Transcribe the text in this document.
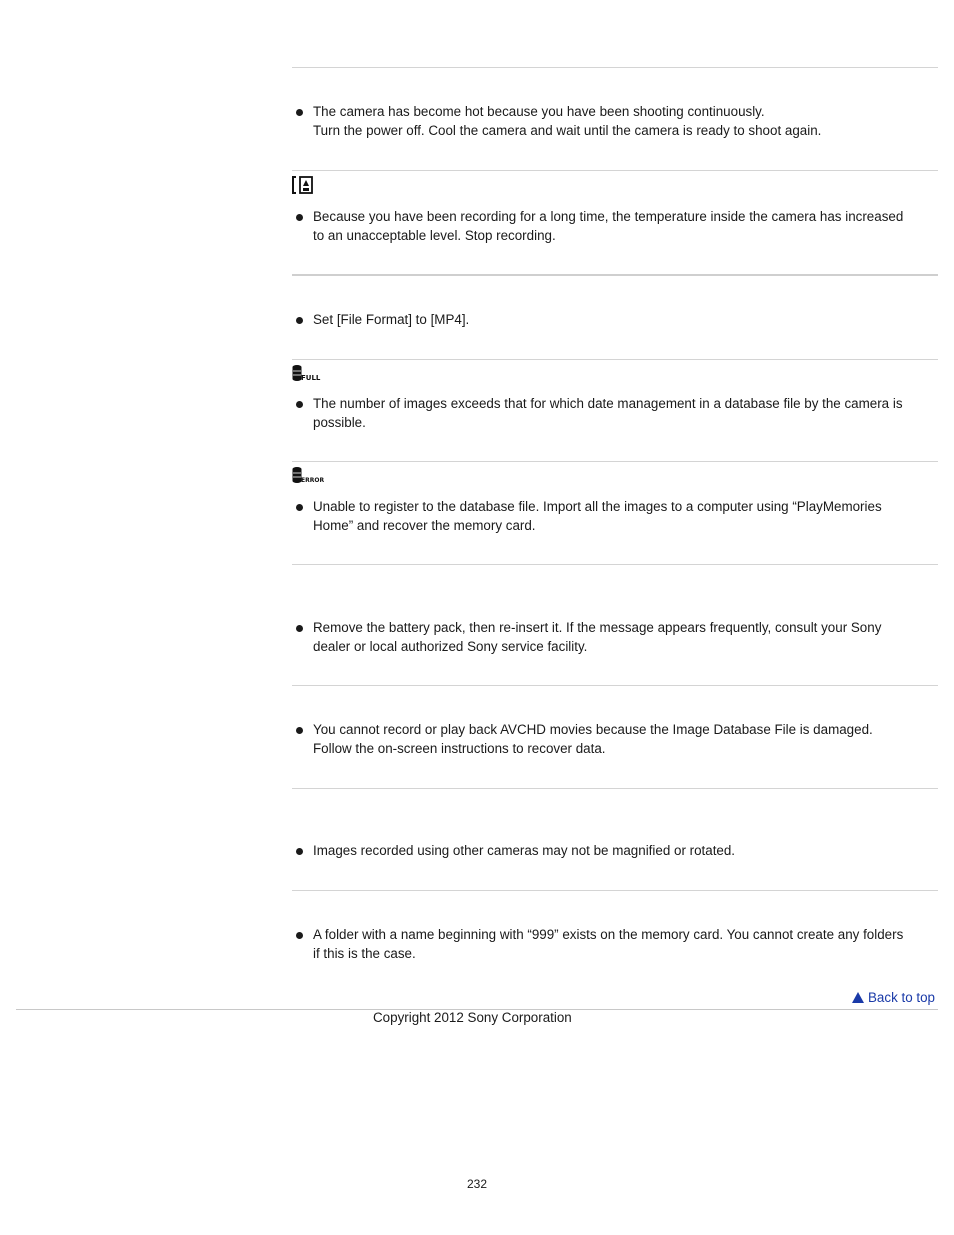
FULL
ERROR
The camera has become hot because you have been shooting continuously.
Turn the power off. Cool the camera and wait until the camera is ready to shoot again.
Because you have been recording for a long time, the temperature inside the camera has increased
to an unacceptable level. Stop recording.
Set [File Format] to [MP4].
The number of images exceeds that for which date management in a database file by the camera is
possible.
Unable to register to the database file. Import all the images to a computer using “PlayMemories
Home” and recover the memory card.
Remove the battery pack, then re-insert it. If the message appears frequently, consult your Sony
dealer or local authorized Sony service facility.
You cannot record or play back AVCHD movies because the Image Database File is damaged.
Follow the on-screen instructions to recover data.
Images recorded using other cameras may not be magnified or rotated.
A folder with a name beginning with “999” exists on the memory card. You cannot create any folders
if this is the case.
Back to top
Copyright 2012 Sony Corporation
232
